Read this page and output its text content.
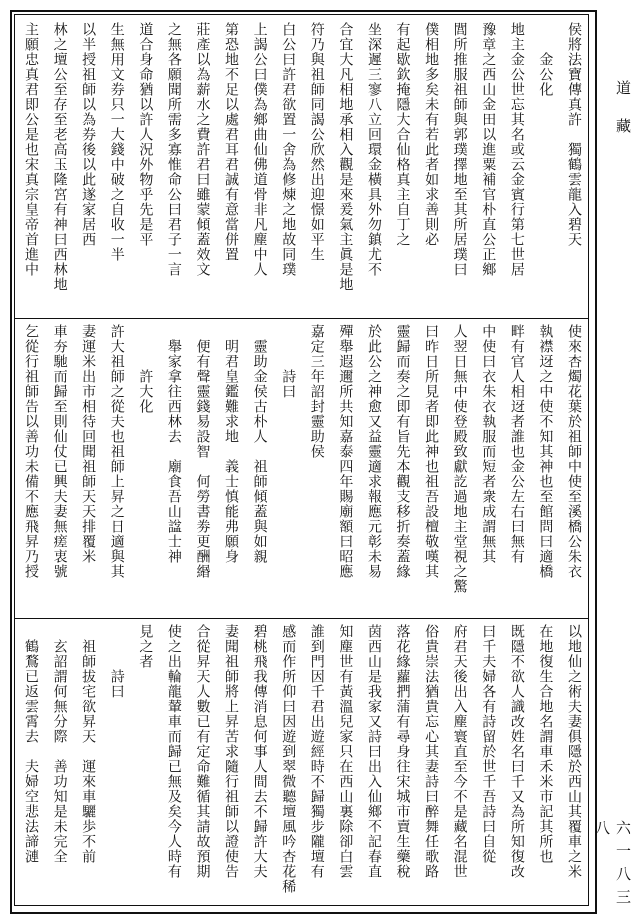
侯將法寶傳真許　獨鶴雲龍入碧天
　　金公化
地主金公世忘其名或云金賓行第七世居
豫章之西山金田以進粟補官朴直公正鄉
閭所推服祖師與郭璞擇地至其所居璞曰
僕相地多矣未有若此者如求善則必
有起歇欽掩隱大合仙格真主自丁之
坐深遲三寥八立回環金橫具外勿鎮尤不
合宜大凡相地承相入觀是來爰氣主眞是地
符乃與祖師同謁公欣然出迎憬如平生
白公曰許君欲置一舍為修煉之地故同璞
上謁公曰僕為鄉曲仙佛道骨非凡塵中人
第恐地不足以處君耳君誠有意當併置
莊產以為薪水之費許君曰雖蒙傾蓋效文
之無各願聞所需多寡惟命公曰君子一言
道合身命猶以許人況外物乎先是平
生無用文券只一大錢中破之自收一半
以半授祖師以為券後以此遂家居西
林之壇公至存至老高玉隆宮有神曰西林地
主願忠真君即公是也宋真宗皇帝首進中
使來杏燭花葉於祖師中使至溪橋公朱衣
執襟迓之中使不知其神也至館問曰適橋
畔有官人相迓者誰也金公左右曰無有
中使曰衣朱衣執服而短者衆成謂無其
人翌日無中使登殿致獻訖過地主堂視之驚
曰昨日所見者即此神也祖吾設檀敬嘆其
靈歸而奏之即有旨先本觀支移折奏蓋緣
於此公之神愈又益靈適求報應元彰未易
殫舉遐邇所共知嘉泰四年賜廟額曰昭應
嘉定三年詔封靈助侯
　　　詩曰
　靈助金侯古朴人　祖師傾蓋與如親
　明君皇鑑難求地　義士慎能弗願身
　便有聲靈錢易設智　何勞書劵更酬緡
　舉家拿往西林去　廟食吾山諡士神
　　　許大化
許大祖師之從夫也祖師上昇之日適與其
妻運米出市相待回聞祖師天天排覆米
車夯馳而歸至則仙仗已興夫妻無瘥衷號
乞從行祖師告以善功未備不應飛昇乃授
以地仙之術夫妻俱隱於西山其覆車之米
在地復生合地名謂車禾米市記其所也
既隱不欲人識改姓名曰千又為所知復改
曰千夫婦各有詩留於世千吾詩曰自從
府君天後出入塵寰直至今不是藏名混世
俗貴崇法猶貴忘心其妻詩曰醉舞任歌路
落花緣蘿捫蒲有尋身往宋城市賣生藥稅
茵西山是我家又詩曰出入仙鄉不記春直
知塵世有黃溫兒家只在西山裏除卻白雲
誰到門因千君出遊經時不歸獨步隴壇有
感而作所仰曰因遊到翠微聽壇風吟杏花稀
碧桃飛我傳消息何事人間去不歸許大夫
妻聞祖師將上昇苦求隨行祖師以證使告
合從昇天人數已有定命難循其請故預期
使之出輪龍輦車而歸已無及矣今人時有
見之者
　　　詩曰
　祖師拔宅欲昇天　運來車驪歩不前
　玄詔謂何無分際　善功知是未完全
　鶴鶩已返雲霄去　夫婦空悲法諦漣
道
藏
六一八三八
